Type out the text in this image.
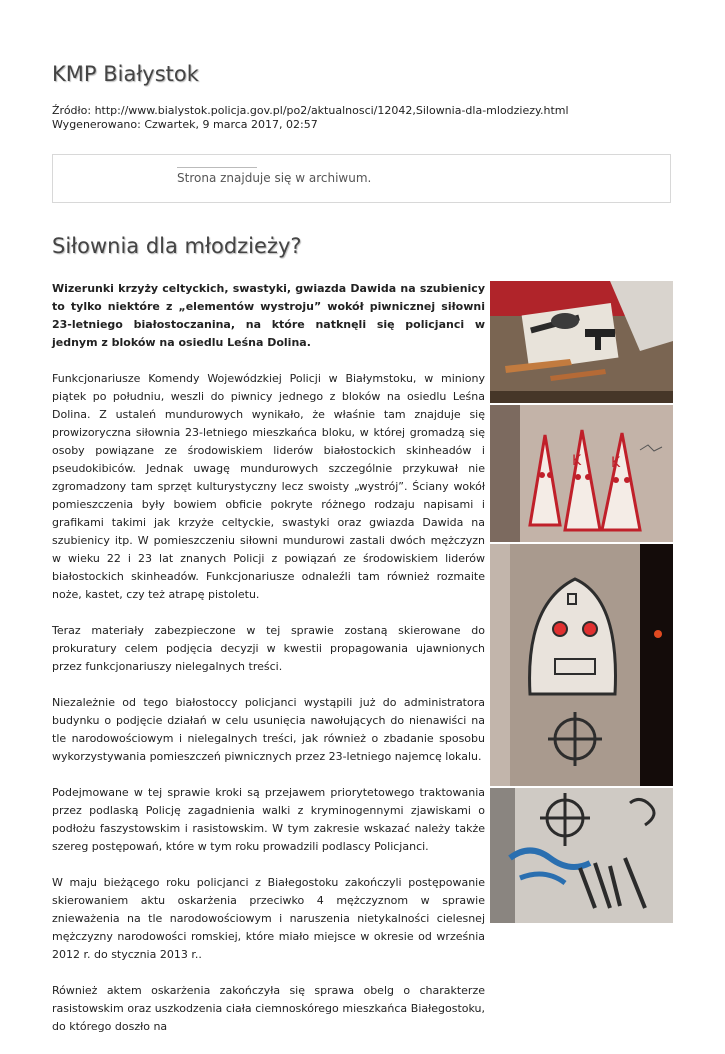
KMP Białystok
Źródło: http://www.bialystok.policja.gov.pl/po2/aktualnosci/12042,Silownia-dla-mlodziezy.html
Wygenerowano: Czwartek, 9 marca 2017, 02:57
Strona znajduje się w archiwum.
Siłownia dla młodzieży?

Wizerunki krzyży celtyckich, swastyki, gwiazda Dawida na szubienicy to tylko niektóre z „elementów wystroju” wokół piwnicznej siłowni 23-letniego białostoczanina, na które natknęli się policjanci w jednym z bloków na osiedlu Leśna Dolina.

Funkcjonariusze Komendy Wojewódzkiej Policji w Białymstoku, w miniony piątek po południu, weszli do piwnicy jednego z bloków na osiedlu Leśna Dolina. Z ustaleń mundurowych wynikało, że właśnie tam znajduje się prowizoryczna siłownia 23-letniego mieszkańca bloku, w której gromadzą się osoby powiązane ze środowiskiem liderów białostockich skinheadów i pseudokibiców. Jednak uwagę mundurowych szczególnie przykuwał nie zgromadzony tam sprzęt kulturystyczny lecz swoisty „wystrój”. Ściany wokół pomieszczenia były bowiem obficie pokryte różnego rodzaju napisami i grafikami takimi jak krzyże celtyckie, swastyki oraz gwiazda Dawida na szubienicy itp. W pomieszczeniu siłowni mundurowi zastali dwóch mężczyzn w wieku 22 i 23 lat znanych Policji z powiązań ze środowiskiem liderów białostockich skinheadów. Funkcjonariusze odnaleźli tam również rozmaite noże, kastet, czy też atrapę pistoletu.

Teraz materiały zabezpieczone w tej sprawie zostaną skierowane do prokuratury celem podjęcia decyzji w kwestii propagowania ujawnionych przez funkcjonariuszy nielegalnych treści.

Niezależnie od tego białostoccy policjanci wystąpili już do administratora budynku o podjęcie działań w celu usunięcia nawołujących do nienawiści na tle narodowościowym i nielegalnych treści, jak również o zbadanie sposobu wykorzystywania pomieszczeń piwnicznych przez 23-letniego najemcę lokalu.

Podejmowane w tej sprawie kroki są przejawem priorytetowego traktowania przez podlaską Policję zagadnienia walki z kryminogennymi zjawiskami o podłożu faszystowskim i rasistowskim. W tym zakresie wskazać należy także szereg postępowań, które w tym roku prowadzili podlascy Policjanci.

W maju bieżącego roku policjanci z Białegostoku zakończyli postępowanie skierowaniem aktu oskarżenia przeciwko 4 mężczyznom w sprawie znieważenia na tle narodowościowym i naruszenia nietykalności cielesnej mężczyzny narodowości romskiej, które miało miejsce w okresie od września 2012 r. do stycznia 2013 r..

Również aktem oskarżenia zakończyła się sprawa obelg o charakterze rasistowskim oraz uszkodzenia ciała ciemnoskórego mieszkańca Białegostoku, do którego doszło na

K K
